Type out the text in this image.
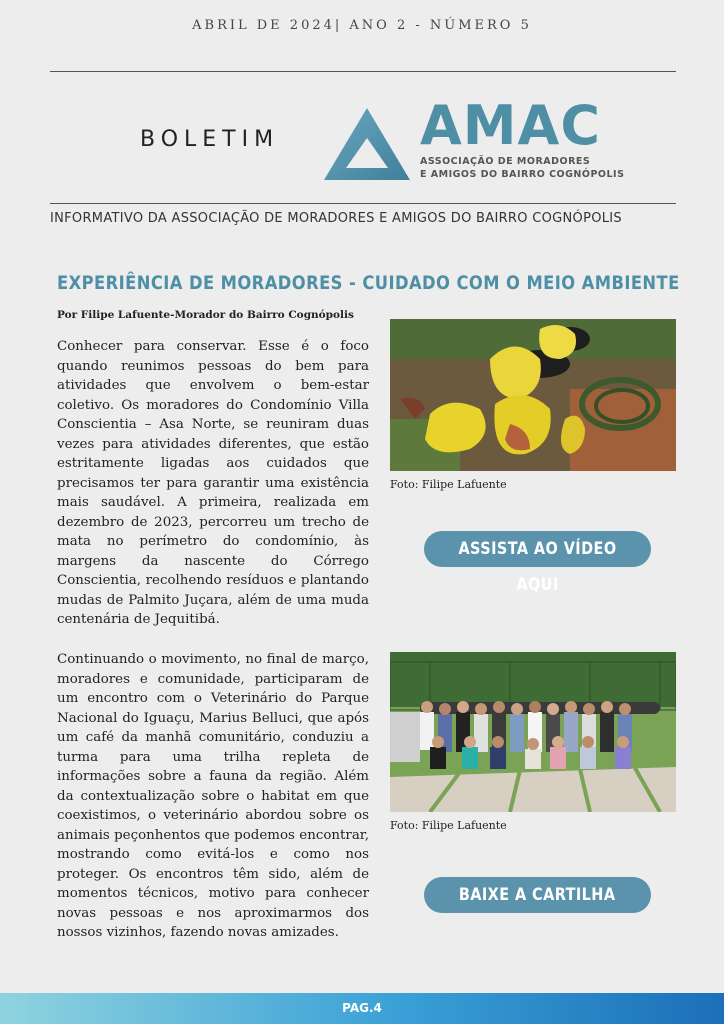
ABRIL DE 2024| ANO 2 - NÚMERO 5
BOLETIM	AMAC
ASSOCIAÇÃO DE MORADORES
E AMIGOS DO BAIRRO COGNÓPOLIS
INFORMATIVO DA ASSOCIAÇÃO DE MORADORES E AMIGOS DO BAIRRO COGNÓPOLIS
EXPERIÊNCIA DE MORADORES - CUIDADO COM O MEIO AMBIENTE
Por Filipe Lafuente-Morador do Bairro Cognópolis
Conhecer para conservar. Esse é o foco quando reunimos pessoas do bem para atividades que envolvem o bem-estar coletivo. Os moradores do Condomínio Villa Conscientia – Asa Norte, se reuniram duas vezes para atividades diferentes, que estão estritamente ligadas aos cuidados que precisamos ter para garantir uma existência mais saudável. A primeira, realizada em dezembro de 2023, percorreu um trecho de mata no perímetro do condomínio, às margens da nascente do Córrego Conscientia, recolhendo resíduos e plantando mudas de Palmito Juçara, além de uma muda centenária de Jequitibá.
Continuando o movimento, no final de março, moradores e comunidade, participaram de um encontro com o Veterinário do Parque Nacional do Iguaçu, Marius Belluci, que após um café da manhã comunitário, conduziu a turma para uma trilha repleta de informações sobre a fauna da região. Além da contextualização sobre o habitat em que coexistimos, o veterinário abordou sobre os animais peçonhentos que podemos encontrar, mostrando como evitá-los e como nos proteger. Os encontros têm sido, além de momentos técnicos, motivo para conhecer novas pessoas e nos aproximarmos dos nossos vizinhos, fazendo novas amizades.
Foto: Filipe Lafuente
ASSISTA AO VÍDEO AQUI
Foto: Filipe Lafuente
BAIXE A CARTILHA
PAG.4
